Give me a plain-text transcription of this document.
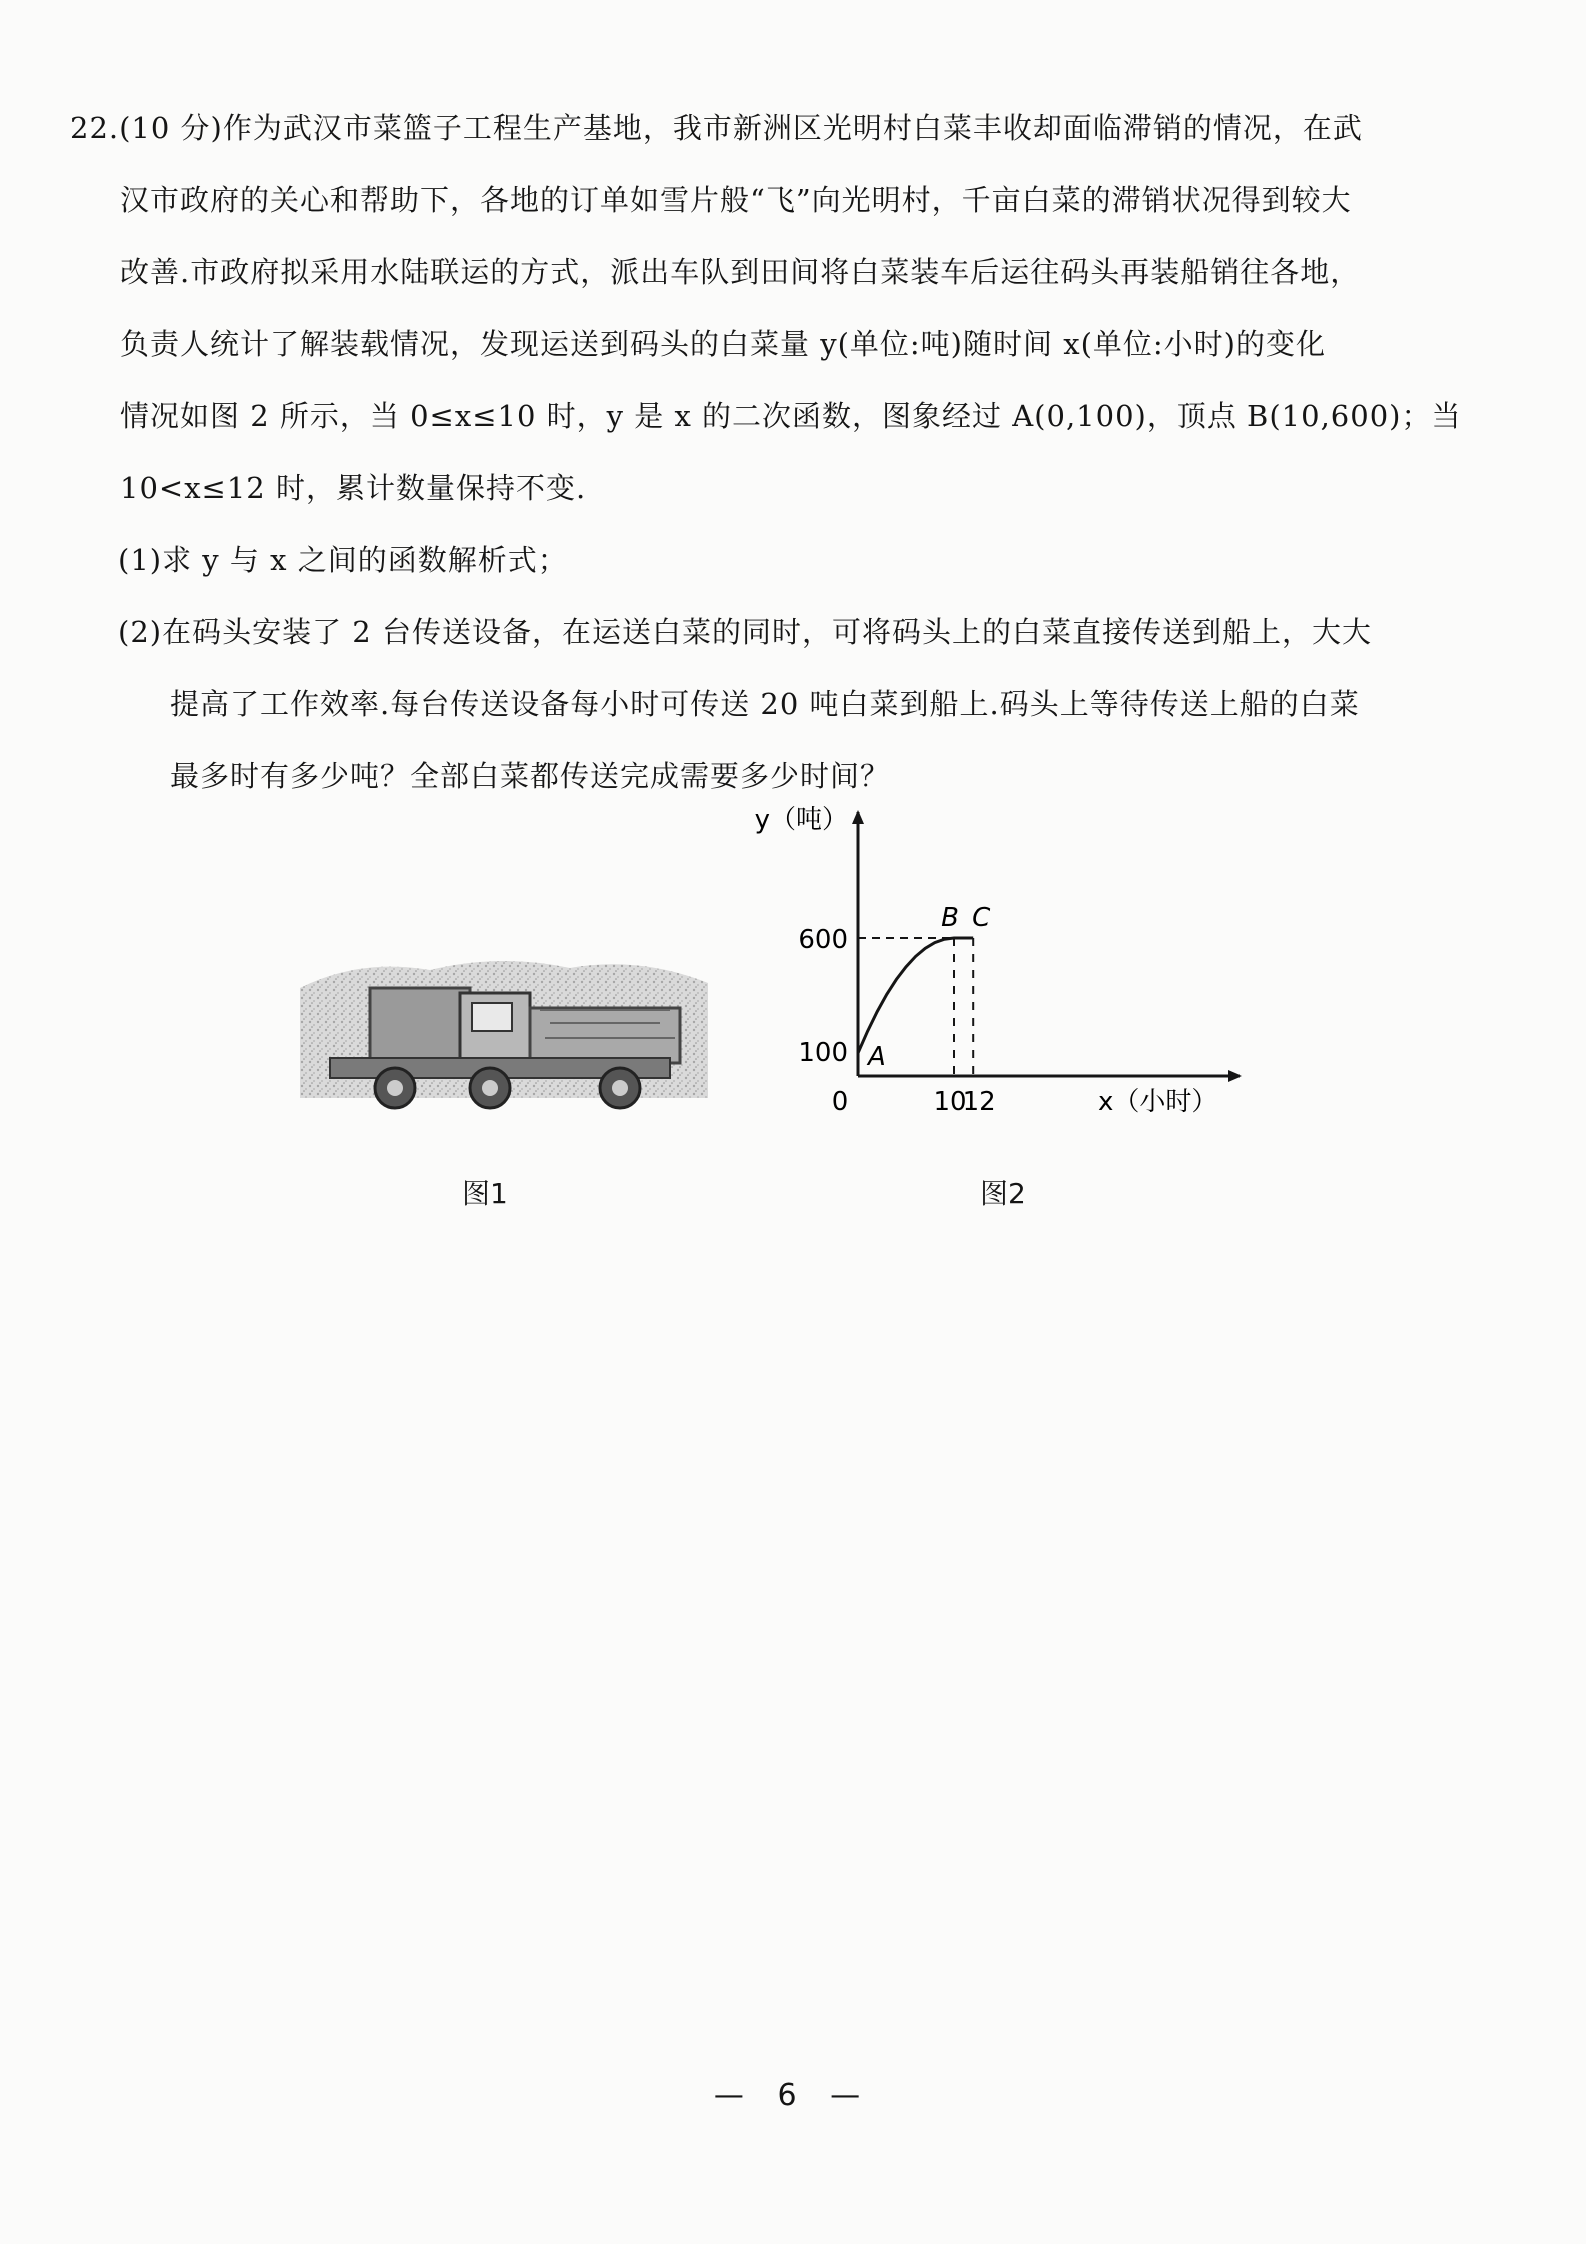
22.(10 分)作为武汉市菜篮子工程生产基地，我市新洲区光明村白菜丰收却面临滞销的情况，在武
汉市政府的关心和帮助下，各地的订单如雪片般“飞”向光明村，千亩白菜的滞销状况得到较大
改善.市政府拟采用水陆联运的方式，派出车队到田间将白菜装车后运往码头再装船销往各地，
负责人统计了解装载情况，发现运送到码头的白菜量 y(单位:吨)随时间 x(单位:小时)的变化
情况如图 2 所示，当 0≤x≤10 时，y 是 x 的二次函数，图象经过 A(0,100)，顶点 B(10,600)；当
10<x≤12 时，累计数量保持不变.
(1)求 y 与 x 之间的函数解析式；
(2)在码头安装了 2 台传送设备，在运送白菜的同时，可将码头上的白菜直接传送到船上，大大
提高了工作效率.每台传送设备每小时可传送 20 吨白菜到船上.码头上等待传送上船的白菜
最多时有多少吨？全部白菜都传送完成需要多少时间？
图1
600
100
0	10
12
y（吨）
x（小时）
A
B C
图2
— 6 —
